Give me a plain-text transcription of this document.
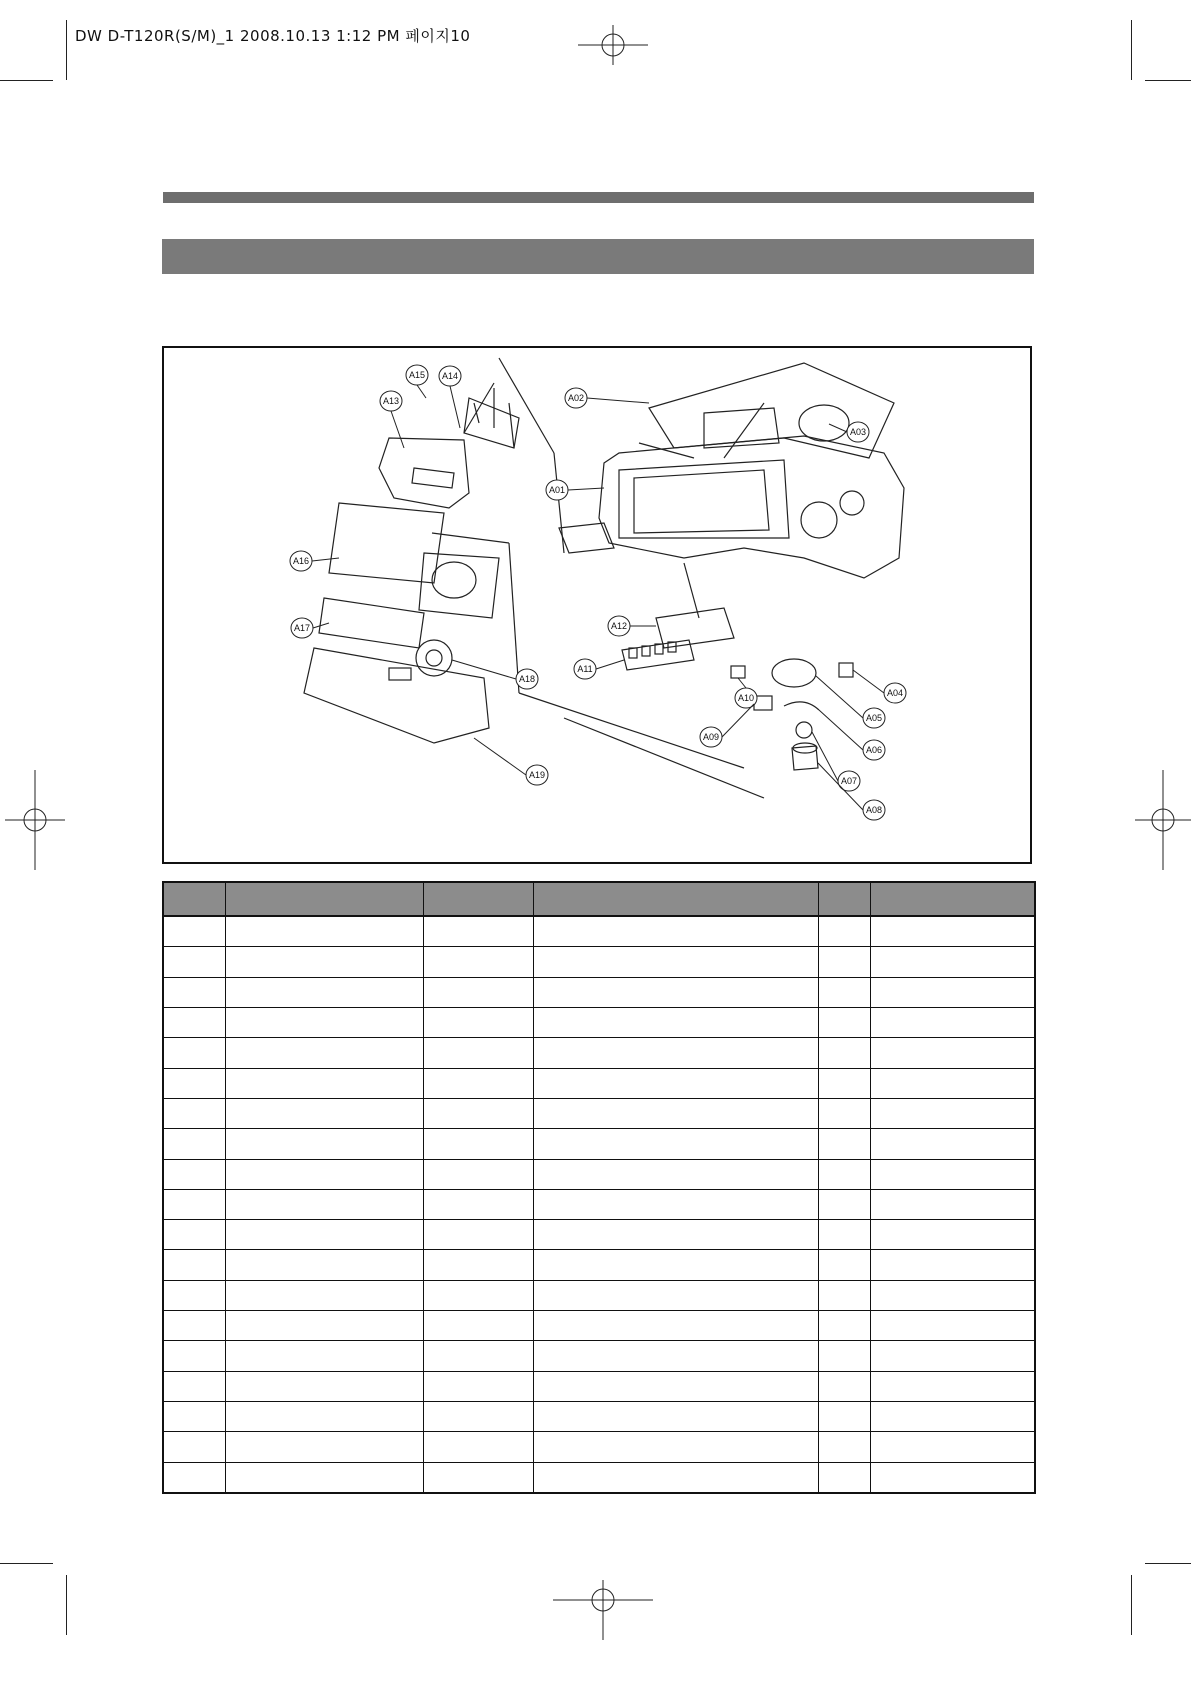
DW D-T120R(S/M)_1 2008.10.13 1:12 PM 페이지10
A15 A14
A13	A02
A03
A01
A16
A12
A17
A11
A18
A10	A04
A05
A09
A06
A19
A07
A08
